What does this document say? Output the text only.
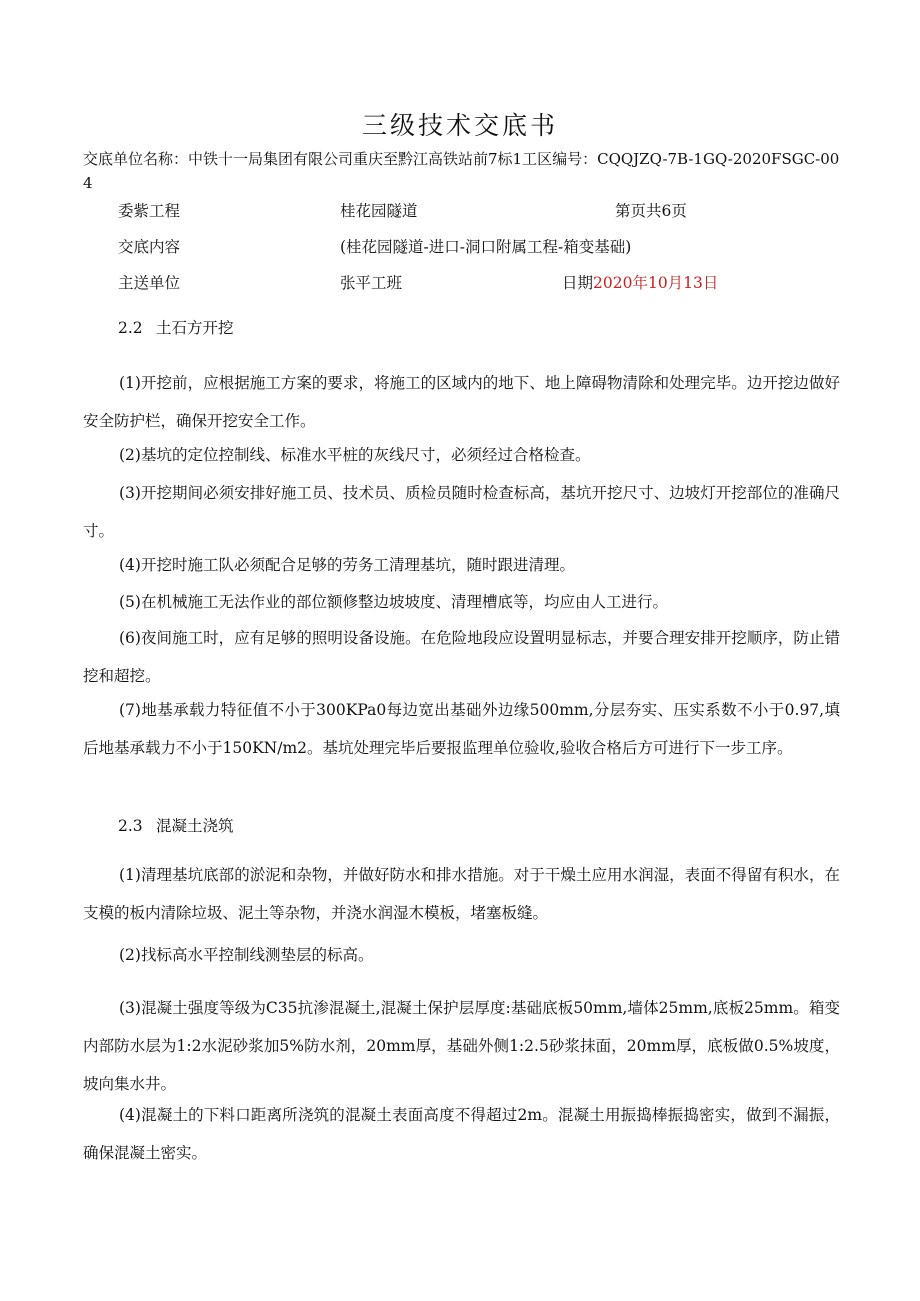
三级技术交底书
交底单位名称：中铁十一局集团有限公司重庆至黔江高铁站前7标1工区编号：CQQJZQ-7B-1GQ-2020FSGC-004
委紫工程	桂花园隧道	第页共6页
交底内容	(桂花园隧道-进口-洞口附属工程-箱变基础)
主送单位	张平工班	日期2020年10月13日
2.2 土石方开挖
(1)开挖前，应根据施工方案的要求，将施工的区域内的地下、地上障碍物清除和处理完毕。边开挖边做好安全防护栏，确保开挖安全工作。
(2)基坑的定位控制线、标准水平桩的灰线尺寸，必须经过合格检查。
(3)开挖期间必须安排好施工员、技术员、质检员随时检查标高，基坑开挖尺寸、边坡灯开挖部位的准确尺寸。
(4)开挖时施工队必须配合足够的劳务工清理基坑，随时跟进清理。
(5)在机械施工无法作业的部位额修整边坡坡度、清理槽底等，均应由人工进行。
(6)夜间施工时，应有足够的照明设备设施。在危险地段应设置明显标志，并要合理安排开挖顺序，防止错挖和超挖。
(7)地基承载力特征值不小于300KPa0每边宽出基础外边缘500mm,分层夯实、压实系数不小于0.97,填后地基承载力不小于150KN∕m2。基坑处理完毕后要报监理单位验收,验收合格后方可进行下一步工序。
2.3 混凝土浇筑
(1)清理基坑底部的淤泥和杂物，并做好防水和排水措施。对于干燥土应用水润湿，表面不得留有积水，在支模的板内清除垃圾、泥土等杂物，并浇水润湿木模板，堵塞板缝。
(2)找标高水平控制线测垫层的标高。
(3)混凝土强度等级为C35抗渗混凝土,混凝土保护层厚度:基础底板50mm,墙体25mm,底板25mm。箱变内部防水层为1:2水泥砂浆加5%防水剂，20mm厚，基础外侧1:2.5砂浆抹面，20mm厚，底板做0.5%坡度，坡向集水井。
(4)混凝土的下料口距离所浇筑的混凝土表面高度不得超过2m。混凝土用振捣棒振捣密实，做到不漏振，确保混凝土密实。
